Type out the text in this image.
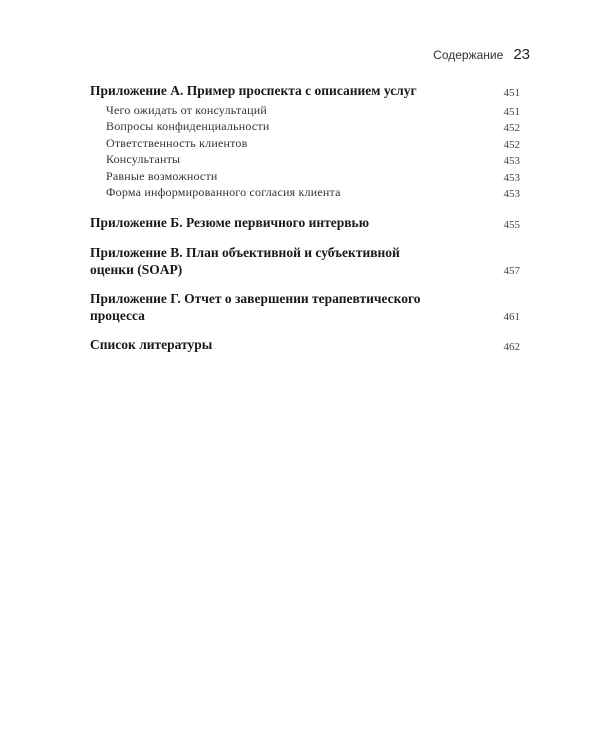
Содержание 23
Приложение А. Пример проспекта с описанием услуг	451
Чего ожидать от консультаций	451
Вопросы конфиденциальности	452
Ответственность клиентов	452
Консультанты	453
Равные возможности	453
Форма информированного согласия клиента	453
Приложение Б. Резюме первичного интервью	455
Приложение В. План объективной и субъективной
оценки (SOAP)	457
Приложение Г. Отчет о завершении терапевтического
процесса	461
Список литературы	462
